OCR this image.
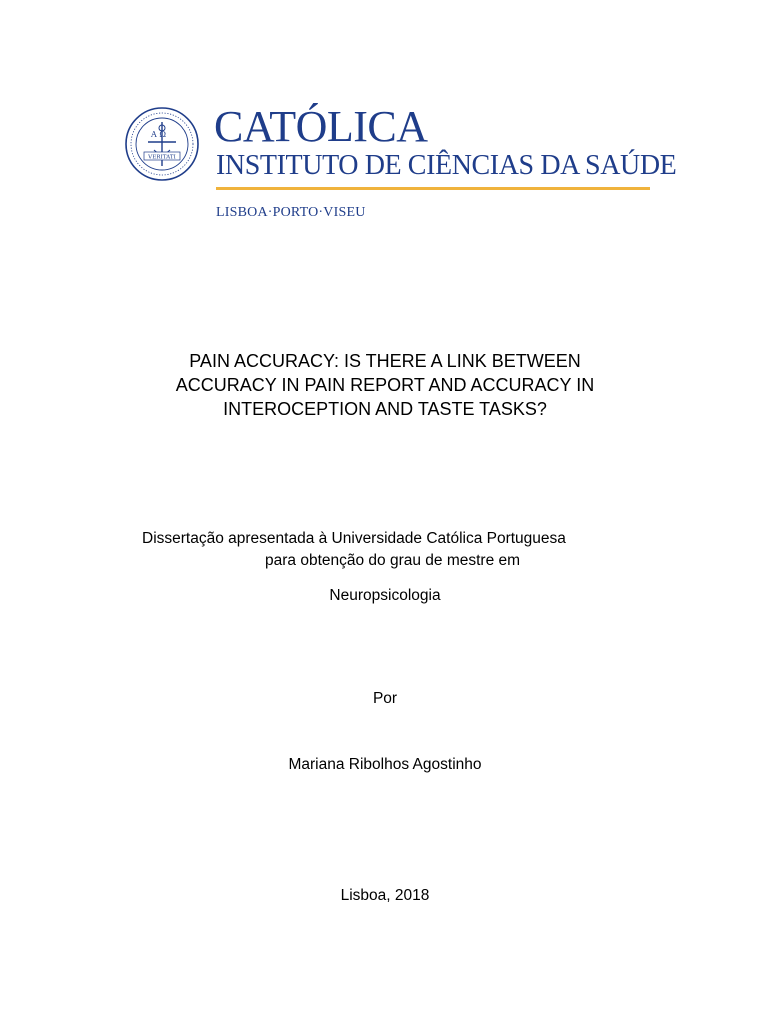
A Ω
VERITATI
CATÓLICA
INSTITUTO DE CIÊNCIAS DA SAÚDE
LISBOA·PORTO·VISEU
PAIN ACCURACY: IS THERE A LINK BETWEEN
ACCURACY IN PAIN REPORT AND ACCURACY IN
INTEROCEPTION AND TASTE TASKS?
Dissertação apresentada à Universidade Católica Portuguesa
para obtenção do grau de mestre em
Neuropsicologia
Por
Mariana Ribolhos Agostinho
Lisboa, 2018
